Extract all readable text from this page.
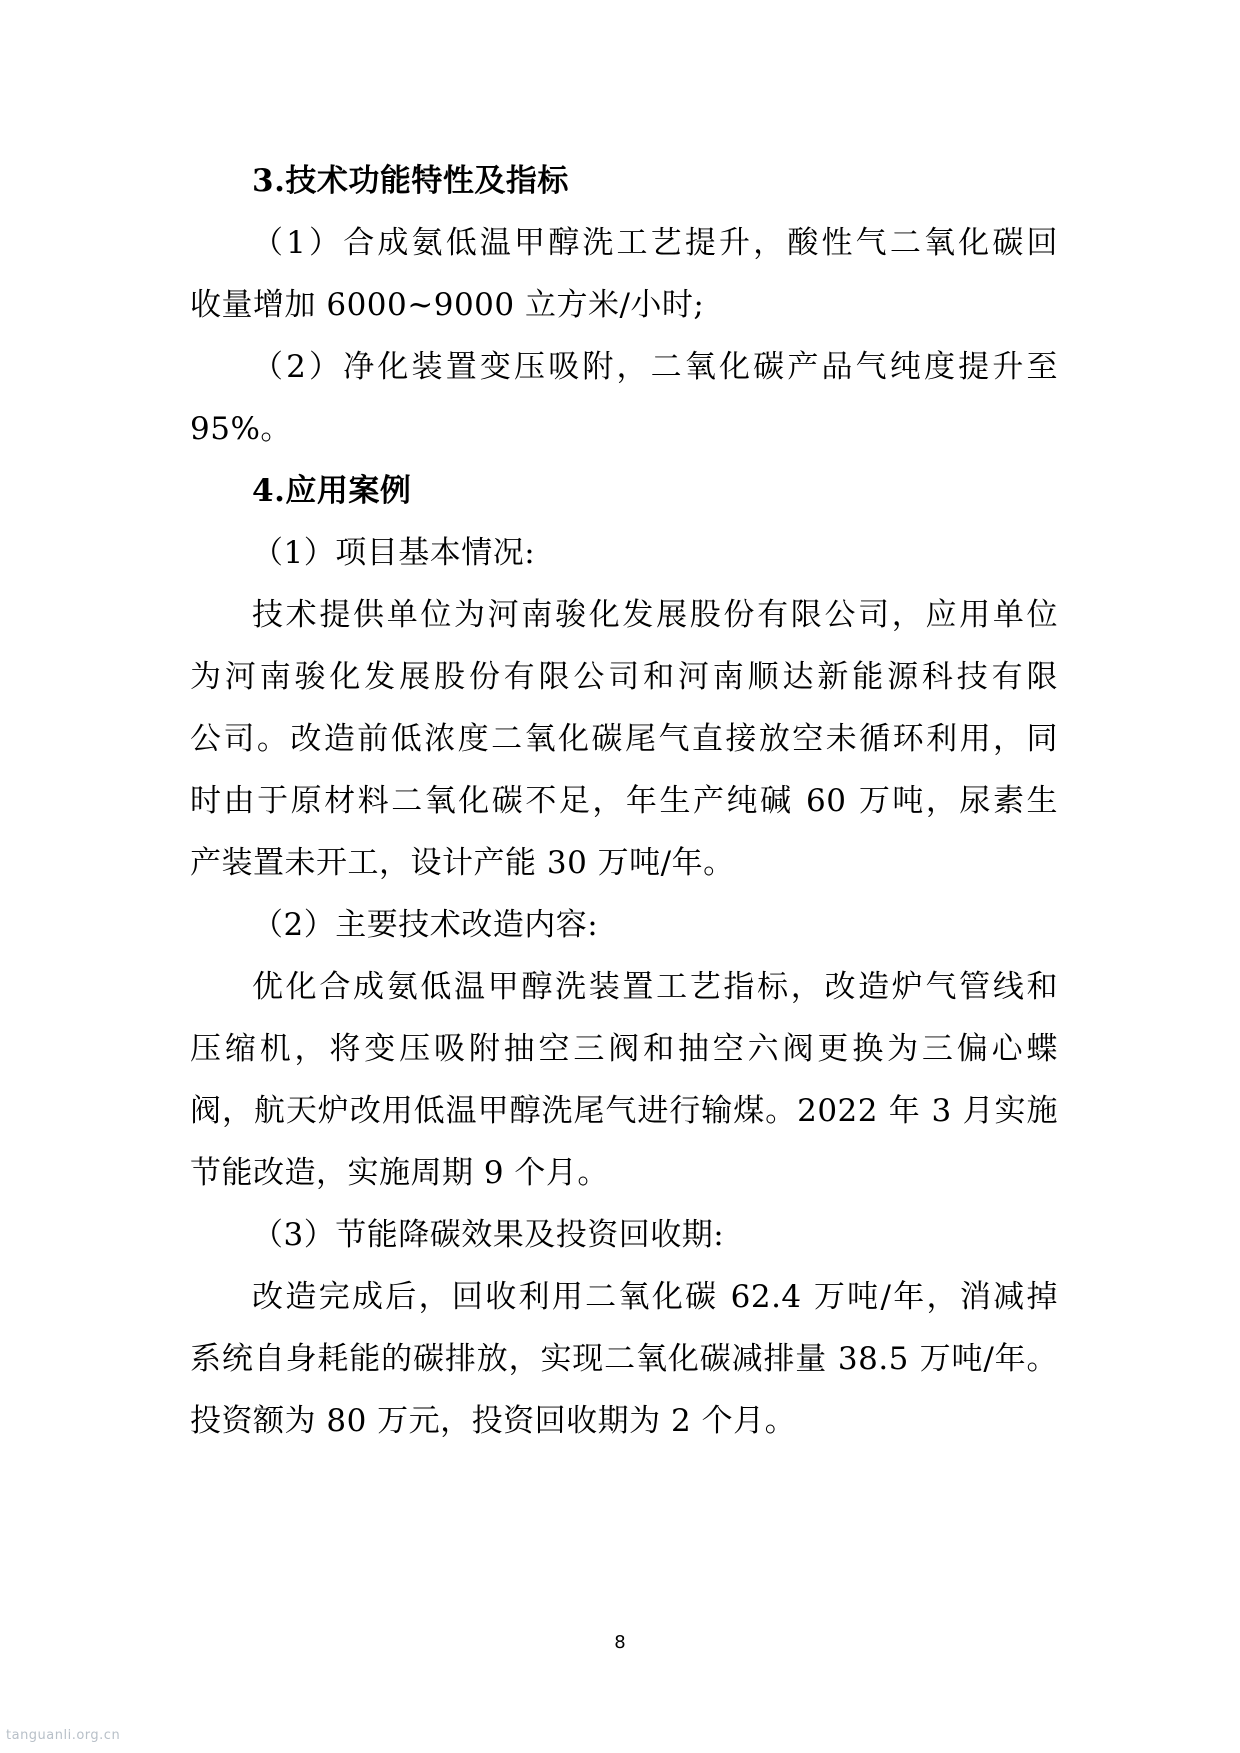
3.技术功能特性及指标
（1）合成氨低温甲醇洗工艺提升，酸性气二氧化碳回
收量增加 6000~9000 立方米/小时;
（2）净化装置变压吸附，二氧化碳产品气纯度提升至
95%。
4.应用案例
（1）项目基本情况:
技术提供单位为河南骏化发展股份有限公司，应用单位
为河南骏化发展股份有限公司和河南顺达新能源科技有限
公司。改造前低浓度二氧化碳尾气直接放空未循环利用，同
时由于原材料二氧化碳不足，年生产纯碱 60 万吨，尿素生
产装置未开工，设计产能 30 万吨/年。
（2）主要技术改造内容:
优化合成氨低温甲醇洗装置工艺指标，改造炉气管线和
压缩机，将变压吸附抽空三阀和抽空六阀更换为三偏心蝶
阀，航天炉改用低温甲醇洗尾气进行输煤。2022 年 3 月实施
节能改造，实施周期 9 个月。
（3）节能降碳效果及投资回收期:
改造完成后，回收利用二氧化碳 62.4 万吨/年，消减掉
系统自身耗能的碳排放，实现二氧化碳减排量 38.5 万吨/年。
投资额为 80 万元，投资回收期为 2 个月。
8
tanguanli.org.cn
